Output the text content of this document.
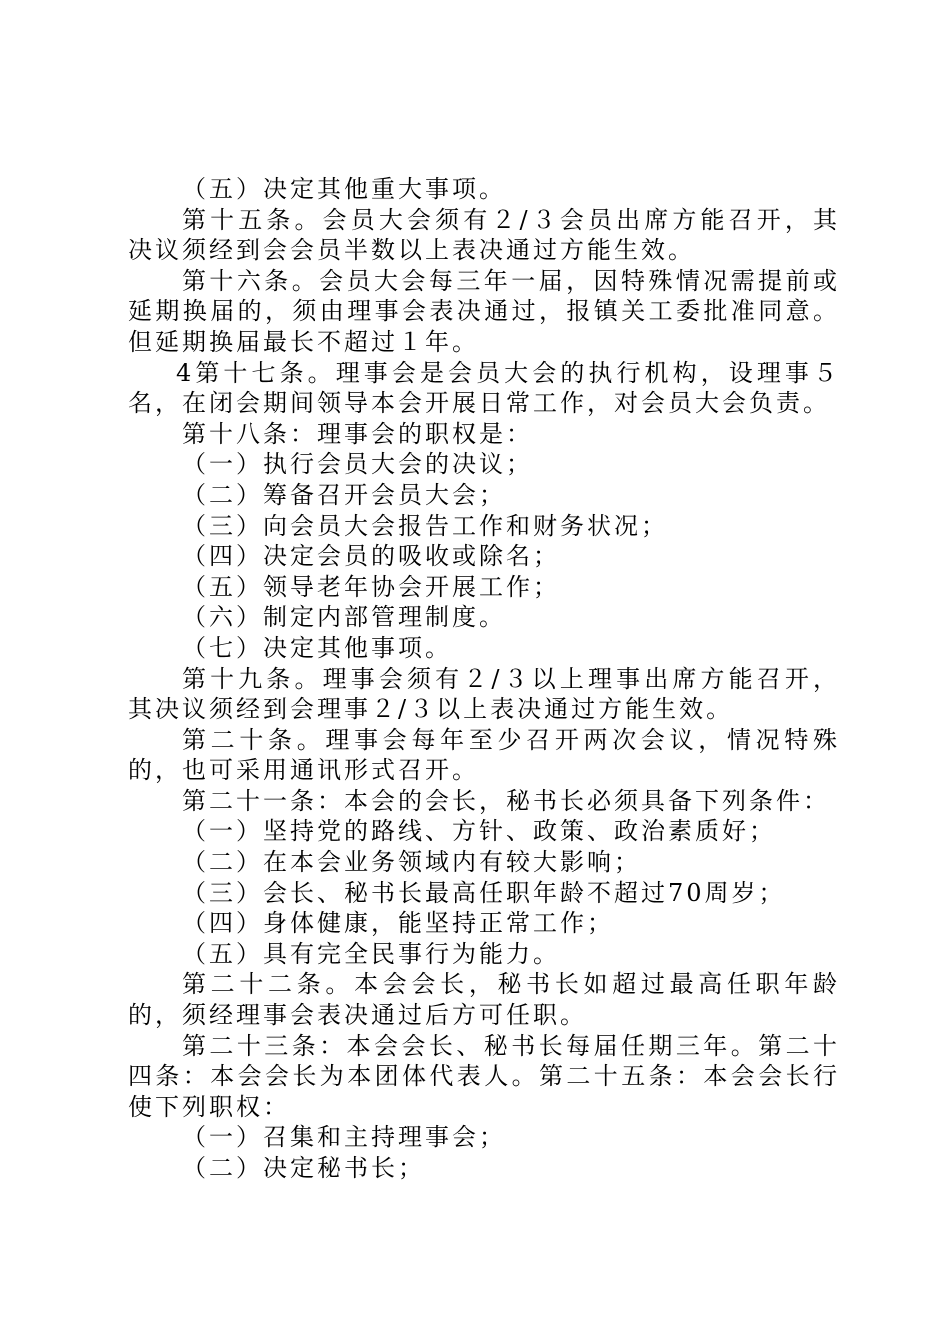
（五）决定其他重大事项。

第十五条。会员大会须有２/３会员出席方能召开，其决议须经到会会员半数以上表决通过方能生效。

第十六条。会员大会每三年一届，因特殊情况需提前或延期换届的，须由理事会表决通过，报镇关工委批准同意。但延期换届最长不超过１年。

4第十七条。理事会是会员大会的执行机构，设理事５名，在闭会期间领导本会开展日常工作，对会员大会负责。

第十八条：理事会的职权是：

（一）执行会员大会的决议；

（二）筹备召开会员大会；

（三）向会员大会报告工作和财务状况；

（四）决定会员的吸收或除名；

（五）领导老年协会开展工作；

（六）制定内部管理制度。

（七）决定其他事项。

第十九条。理事会须有２/３以上理事出席方能召开，其决议须经到会理事２/３以上表决通过方能生效。

第二十条。理事会每年至少召开两次会议，情况特殊的，也可采用通讯形式召开。

第二十一条：本会的会长，秘书长必须具备下列条件：

（一）坚持党的路线、方针、政策、政治素质好；

（二）在本会业务领域内有较大影响；

（三）会长、秘书长最高任职年龄不超过70周岁；

（四）身体健康，能坚持正常工作；

（五）具有完全民事行为能力。

第二十二条。本会会长，秘书长如超过最高任职年龄的，须经理事会表决通过后方可任职。

第二十三条：本会会长、秘书长每届任期三年。第二十四条：本会会长为本团体代表人。第二十五条：本会会长行使下列职权：

（一）召集和主持理事会；

（二）决定秘书长；
